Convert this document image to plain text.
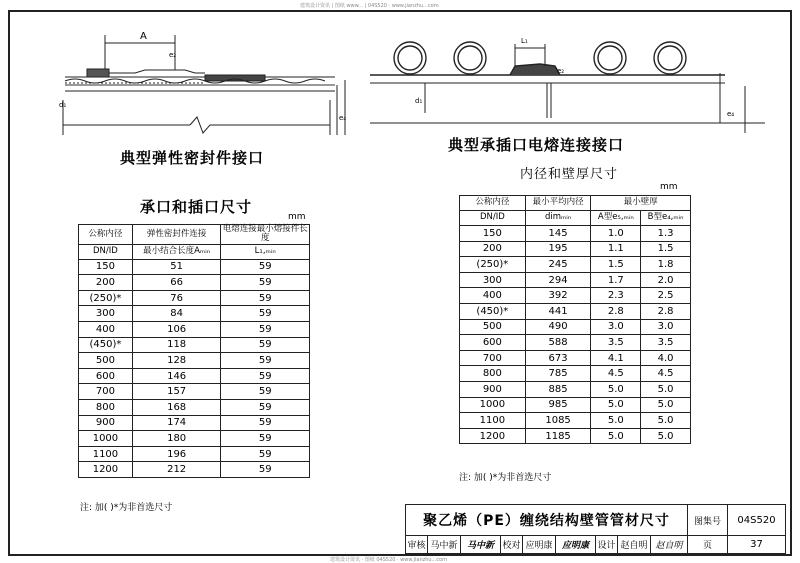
建筑设计资讯 | 图纸 www... | 04S520 · www.jianzhu...com
建筑设计资讯 · 图纸 04S520 · www.jianzhu...com
A
e₂
d₁
e₄
典型弹性密封件接口
L₁
e₂
d₁
e₄
典型承插口电熔连接接口
内径和壁厚尺寸
mm
承口和插口尺寸
mm
公称内径	弹性密封件连接	电熔连接最小熔接件长度
DN/ID	最小结合长度Aₘᵢₙ	L₁,ₘᵢₙ
150	51	59
200	66	59
(250)*	76	59
300	84	59
400	106	59
(450)*	118	59
500	128	59
600	146	59
700	157	59
800	168	59
900	174	59
1000	180	59
1100	196	59
1200	212	59
注: 加( )*为非首选尺寸
公称内径	最小平均内径	最小壁厚	
DN/ID	dimₘᵢₙ	A型e₅,ₘᵢₙ	B型e₄,ₘᵢₙ
150	145	1.0	1.3
200	195	1.1	1.5
(250)*	245	1.5	1.8
300	294	1.7	2.0
400	392	2.3	2.5
(450)*	441	2.8	2.8
500	490	3.0	3.0
600	588	3.5	3.5
700	673	4.1	4.0
800	785	4.5	4.5
900	885	5.0	5.0
1000	985	5.0	5.0
1100	1085	5.0	5.0
1200	1185	5.0	5.0
注: 加( )*为非首选尺寸
聚乙烯（PE）缠绕结构壁管管材尺寸	图集号	04S520
审核 马中新	马中新 校对 应明康	应明康 设计 赵自明 赵自明	页	37
